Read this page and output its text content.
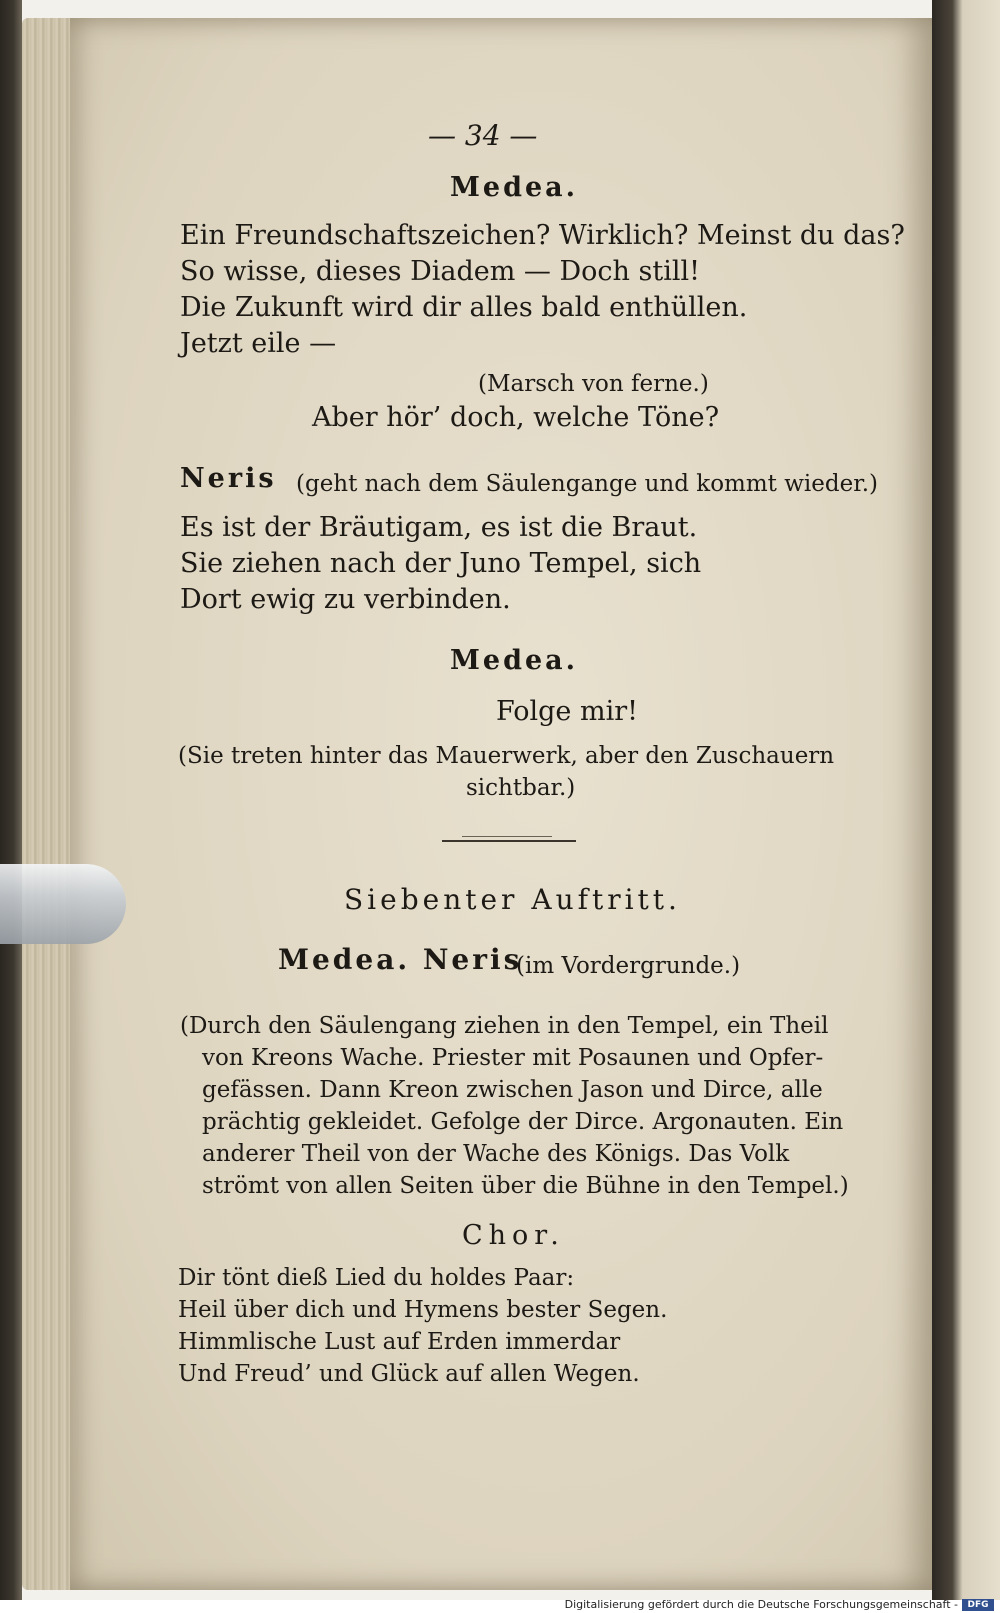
— 34 —
Medea.
Ein Freundschaftszeichen? Wirklich? Meinst du das?
So wisse, dieses Diadem — Doch still!
Die Zukunft wird dir alles bald enthüllen.
Jetzt eile —
(Marsch von ferne.)
Aber hör’ doch, welche Töne?
Neris (geht nach dem Säulengange und kommt wieder.)
Es ist der Bräutigam, es ist die Braut.
Sie ziehen nach der Juno Tempel, sich
Dort ewig zu verbinden.
Medea.
Folge mir!
(Sie treten hinter das Mauerwerk, aber den Zuschauern
sichtbar.)
Siebenter Auftritt.
Medea. Neris
(im Vordergrunde.)
(Durch den Säulengang ziehen in den Tempel, ein Theil
von Kreons Wache. Priester mit Posaunen und Opfer-
gefässen. Dann Kreon zwischen Jason und Dirce, alle
prächtig gekleidet. Gefolge der Dirce. Argonauten. Ein
anderer Theil von der Wache des Königs. Das Volk
strömt von allen Seiten über die Bühne in den Tempel.)
Chor.
Dir tönt dieß Lied du holdes Paar:
Heil über dich und Hymens bester Segen.
Himmlische Lust auf Erden immerdar
Und Freud’ und Glück auf allen Wegen.
Digitalisierung gefördert durch die Deutsche Forschungsgemeinschaft -	DFG
